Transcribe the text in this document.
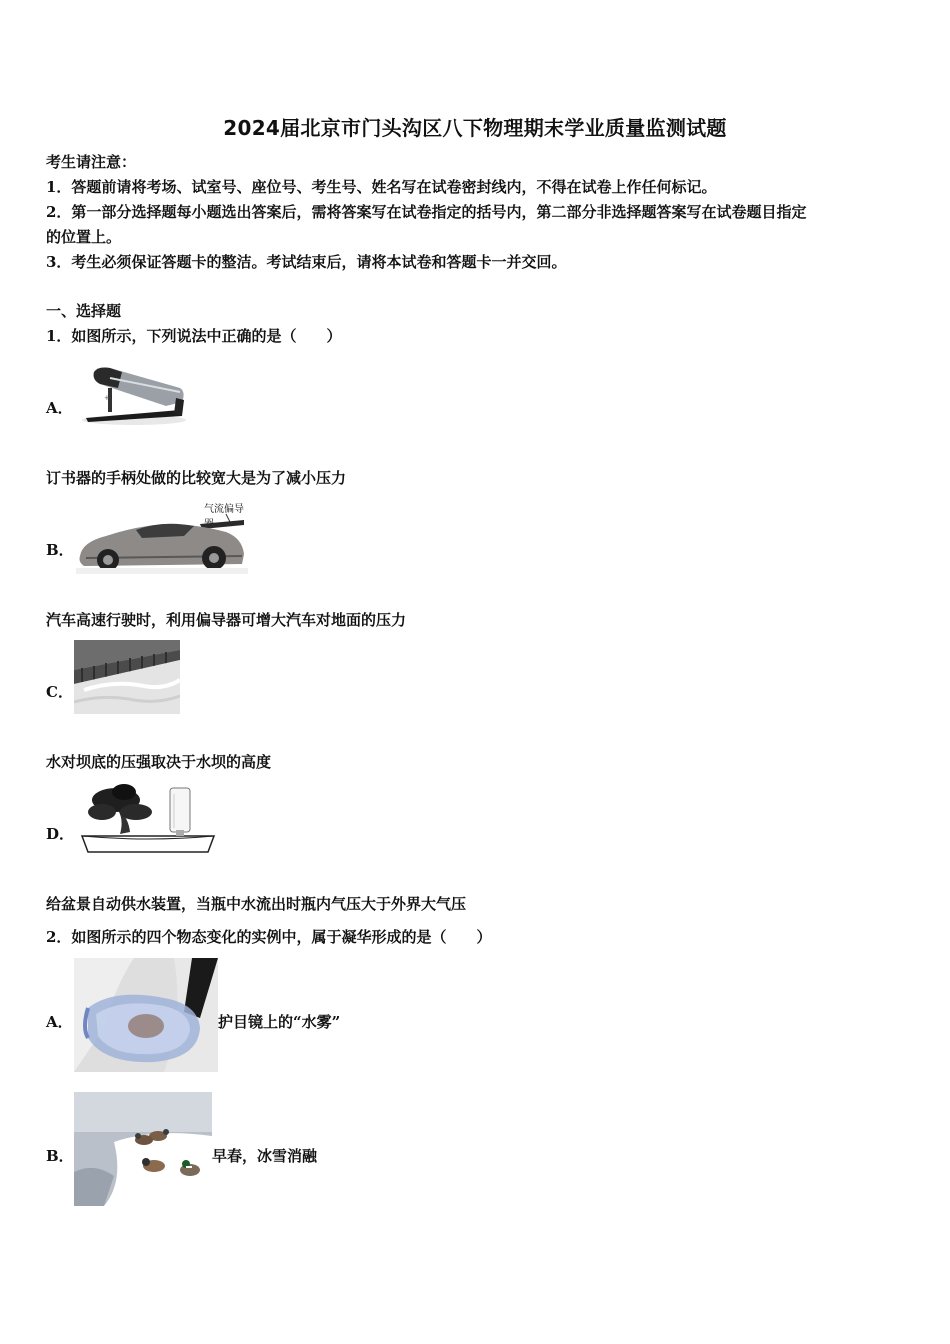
2024届北京市门头沟区八下物理期末学业质量监测试题
考生请注意：
1．答题前请将考场、试室号、座位号、考生号、姓名写在试卷密封线内，不得在试卷上作任何标记。
2．第一部分选择题每小题选出答案后，需将答案写在试卷指定的括号内，第二部分非选择题答案写在试卷题目指定
的位置上。
3．考生必须保证答题卡的整洁。考试结束后，请将本试卷和答题卡一并交回。
一、选择题
1．如图所示，下列说法中正确的是（　　）
A．
+
订书器的手柄处做的比较宽大是为了减小压力
B．
气流偏导
汽车高速行驶时，利用偏导器可增大汽车对地面的压力
C．
水对坝底的压强取决于水坝的高度
D．
给盆景自动供水装置，当瓶中水流出时瓶内气压大于外界大气压
2．如图所示的四个物态变化的实例中，属于凝华形成的是（　　）
A．	护目镜上的“水雾”
B．	早春，冰雪消融
